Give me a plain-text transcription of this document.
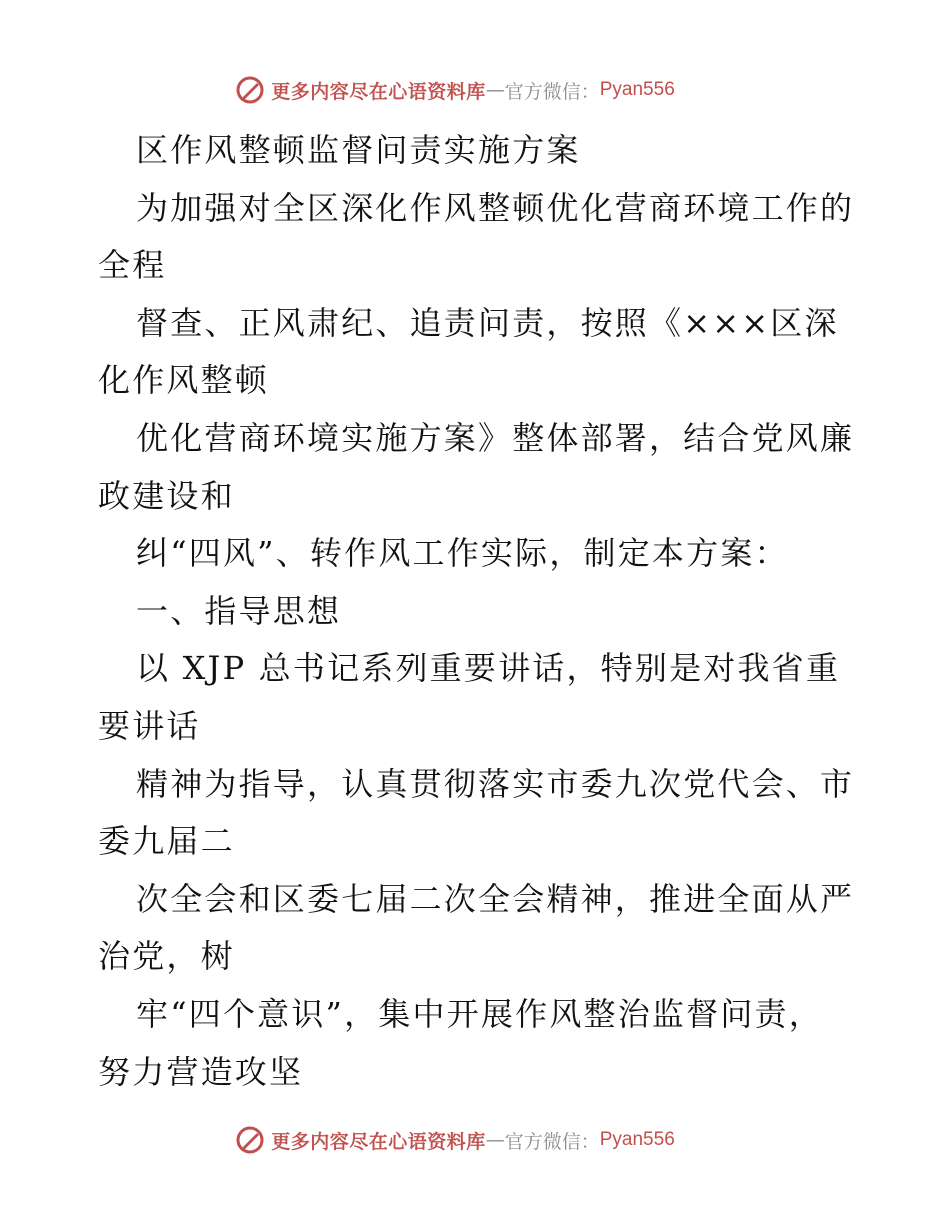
更多内容尽在心语资料库 — 官方微信： Pyan556
区作风整顿监督问责实施方案
为加强对全区深化作风整顿优化营商环境工作的
全程
督查、正风肃纪、追责问责，按照《×××区深
化作风整顿
优化营商环境实施方案》整体部署，结合党风廉
政建设和
纠“四风”、转作风工作实际，制定本方案：
一、指导思想
以 XJP 总书记系列重要讲话，特别是对我省重
要讲话
精神为指导，认真贯彻落实市委九次党代会、市
委九届二
次全会和区委七届二次全会精神，推进全面从严
治党，树
牢“四个意识”，集中开展作风整治监督问责，
努力营造攻坚
更多内容尽在心语资料库 — 官方微信： Pyan556
